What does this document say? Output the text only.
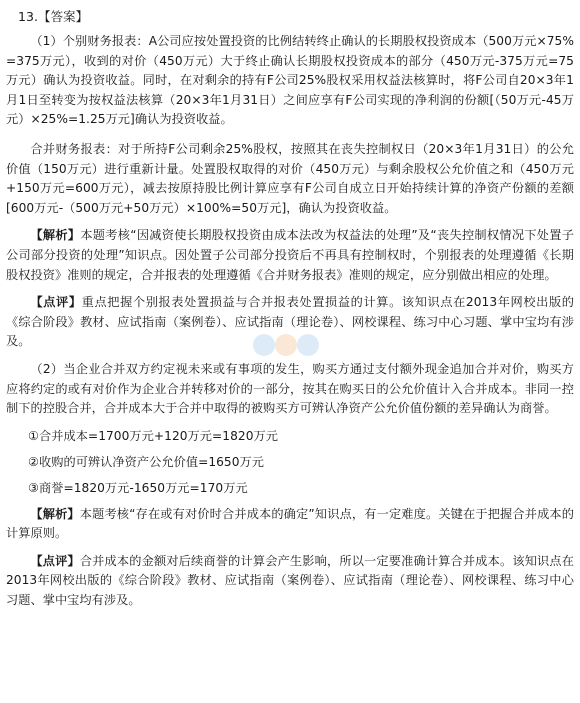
13.【答案】

（1）个别财务报表：A公司应按处置投资的比例结转终止确认的长期股权投资成本（500万元×75%=375万元），收到的对价（450万元）大于终止确认长期股权投资成本的部分（450万元-375万元=75万元）确认为投资收益。同时，在对剩余的持有F公司25%股权采用权益法核算时，将F公司自20×3年1月1日至转变为按权益法核算（20×3年1月31日）之间应享有F公司实现的净利润的份额[（50万元-45万元）×25%=1.25万元]确认为投资收益。

合并财务报表：对于所持F公司剩余25%股权，按照其在丧失控制权日（20×3年1月31日）的公允价值（150万元）进行重新计量。处置股权取得的对价（450万元）与剩余股权公允价值之和（450万元+150万元=600万元），减去按原持股比例计算应享有F公司自成立日开始持续计算的净资产份额的差额[600万元-（500万元+50万元）×100%=50万元]，确认为投资收益。

【解析】本题考核“因减资使长期股权投资由成本法改为权益法的处理”及“丧失控制权情况下处置子公司部分投资的处理”知识点。因处置子公司部分投资后不再具有控制权时，个别报表的处理遵循《长期股权投资》准则的规定，合并报表的处理遵循《合并财务报表》准则的规定，应分别做出相应的处理。

【点评】重点把握个别报表处置损益与合并报表处置损益的计算。该知识点在2013年网校出版的《综合阶段》教材、应试指南（案例卷）、应试指南（理论卷）、网校课程、练习中心习题、掌中宝均有涉及。

（2）当企业合并双方约定视未来或有事项的发生，购买方通过支付额外现金追加合并对价，购买方应将约定的或有对价作为企业合并转移对价的一部分，按其在购买日的公允价值计入合并成本。非同一控制下的控股合并，合并成本大于合并中取得的被购买方可辨认净资产公允价值份额的差异确认为商誉。

①合并成本=1700万元+120万元=1820万元

②收购的可辨认净资产公允价值=1650万元

③商誉=1820万元-1650万元=170万元

【解析】本题考核“存在或有对价时合并成本的确定”知识点，有一定难度。关键在于把握合并成本的计算原则。

【点评】合并成本的金额对后续商誉的计算会产生影响，所以一定要准确计算合并成本。该知识点在2013年网校出版的《综合阶段》教材、应试指南（案例卷）、应试指南（理论卷）、网校课程、练习中心习题、掌中宝均有涉及。
